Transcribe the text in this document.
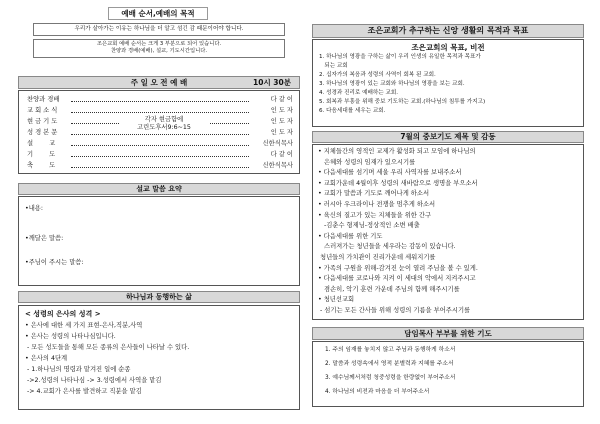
예배 순서,예배의 목적
우리가 살아가는 이유는 하나님을 더 알고 섬긴 감 때문이어야 합니다.
조은교회 예배 순서는 크게 3 부분으로 되어 있습니다.
찬양과 경배(예배), 설교, 기도시간입니다.
주 일 오 전 예 배	10시 30분
찬양과 경배	다 같 이
교 회 소 식	인 도 자
현 금 기 도	인 도 자
성 경 본 문	인 도 자
설        교	신한식목사
기        도	다 같 이
축        도	신한식목사
각자 현금함에
고린도후서9:6~15
설교 말씀 요약
•내용:
•깨달은 말씀:
•주님이 주시는 말씀:
하나님과 동행하는 삶
< 성령의 은사의 성격 >
• 은사에 대한 세 가지 표현-은사,직분,사역
• 은사는 성령의 나타나심입니다.
- 모든 성도들을 통해 모든 종류의 은사들이 나타날 수 있다.
• 은사의 4단계
- 1.하나님의 명령과 맡겨진 일에 순종
->2.성령의 나타나심 -> 3.성령에서 사역을 맡김
-> 4.교회가 은사를 발견하고 직분을 맡김
조은교회가 추구하는 신앙 생활의 목적과 목표
조은교회의 목표, 비전
1. 하나님의 영광을 구하는 삶이 우리 인생의 유일한 목적과 목표가
되는 교회
2. 십자가의 복음과 성령의 사역이 회복 된 교회.
3. 하나님의 영광이 있는 교회와 하나님의 영광을 보는 교회.
4. 성경과 진리로 예배하는 교회.
5. 회복과 부흥을 위해 중보 기도하는 교회.(하나님의 침투를 가지고)
6. 다음세대를 세우는 교회.
7월의 중보기도 제목 및 감동
• 지체들간의 영적인 교제가 활성화 되고 모임에 하나님의
은혜와 성령의 임재가 있으시기를
• 다음세대를 섬기며 세울 우리 사역자를 보내주소서
• 교회가운데 4월이후 성령의 새바람으로 생명을 부으소서
• 교회가 말씀과 기도로 깨어나게 하소서
• 러시아 우크라이나 전쟁을 멈추게 하소서
• 육신의 질고가 있는 지체들을 위한 간구
-김춘수 형제님-정상적인 소변 배출
• 다음세대를 위한 기도
스러져가는 청년들을 세우라는 감동이 있습니다.
청년들의 가치관이 진리가운데 세워지기를
• 가족의 구원을 위해-감겨진 눈이 열려 주님을 볼 수 있게.
• 다음세대를 코로나와 지켜 이 세대의 악에서 지켜주시고
겸손히, 악기 훈련 가운데 주님의 함께 해주시기를
• 청년선교회
- 섬기는 모든 간사들 위해 성령의 기름을 부어주시기를
담임목사 부부를 위한 기도
1. 주의 임재를 놓치지 않고 주님과 동행하게 하소서
2. 말씀과 성령속에서 영적 분별력과 지혜를 주소서
3. 예수님께서처럼 청중성령을 한량없이 부어주소서
4. 하나님의 비전과 마음을 더 부어주소서
